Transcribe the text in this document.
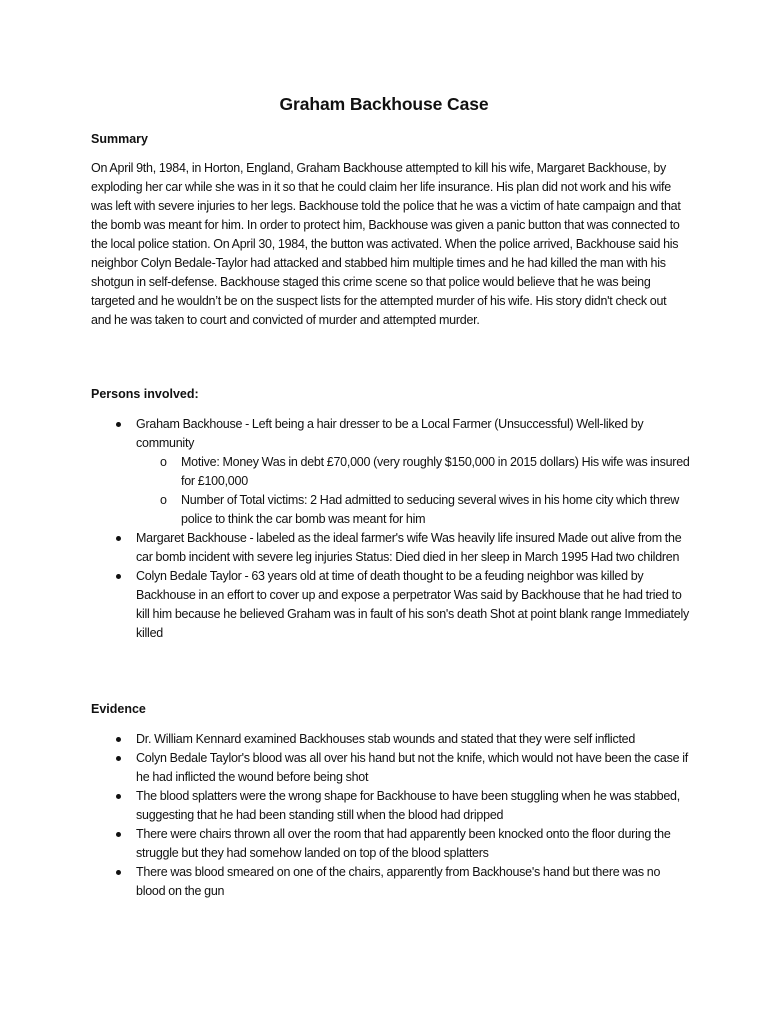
Graham Backhouse Case
Summary
On April 9th, 1984, in Horton, England, Graham Backhouse attempted to kill his wife, Margaret Backhouse, by exploding her car while she was in it so that he could claim her life insurance. His plan did not work and his wife was left with severe injuries to her legs. Backhouse told the police that he was a victim of hate campaign and that the bomb was meant for him. In order to protect him, Backhouse was given a panic button that was connected to the local police station. On April 30, 1984, the button was activated. When the police arrived, Backhouse said his neighbor Colyn Bedale-Taylor had attacked and stabbed him multiple times and he had killed the man with his shotgun in self-defense. Backhouse staged this crime scene so that police would believe that he was being targeted and he wouldn’t be on the suspect lists for the attempted murder of his wife. His story didn't check out and he was taken to court and convicted of murder and attempted murder.
Persons involved:
Graham Backhouse - Left being a hair dresser to be a Local Farmer (Unsuccessful) Well-liked by community
o Motive: Money Was in debt £70,000 (very roughly $150,000 in 2015 dollars) His wife was insured for £100,000
o Number of Total victims: 2 Had admitted to seducing several wives in his home city which threw police to think the car bomb was meant for him
Margaret Backhouse - labeled as the ideal farmer's wife Was heavily life insured Made out alive from the car bomb incident with severe leg injuries Status: Died died in her sleep in March 1995 Had two children
Colyn Bedale Taylor - 63 years old at time of death thought to be a feuding neighbor was killed by Backhouse in an effort to cover up and expose a perpetrator Was said by Backhouse that he had tried to kill him because he believed Graham was in fault of his son's death Shot at point blank range Immediately killed
Evidence
Dr. William Kennard examined Backhouses stab wounds and stated that they were self inflicted
Colyn Bedale Taylor's blood was all over his hand but not the knife, which would not have been the case if he had inflicted the wound before being shot
The blood splatters were the wrong shape for Backhouse to have been stuggling when he was stabbed, suggesting that he had been standing still when the blood had dripped
There were chairs thrown all over the room that had apparently been knocked onto the floor during the struggle but they had somehow landed on top of the blood splatters
There was blood smeared on one of the chairs, apparently from Backhouse's hand but there was no blood on the gun
